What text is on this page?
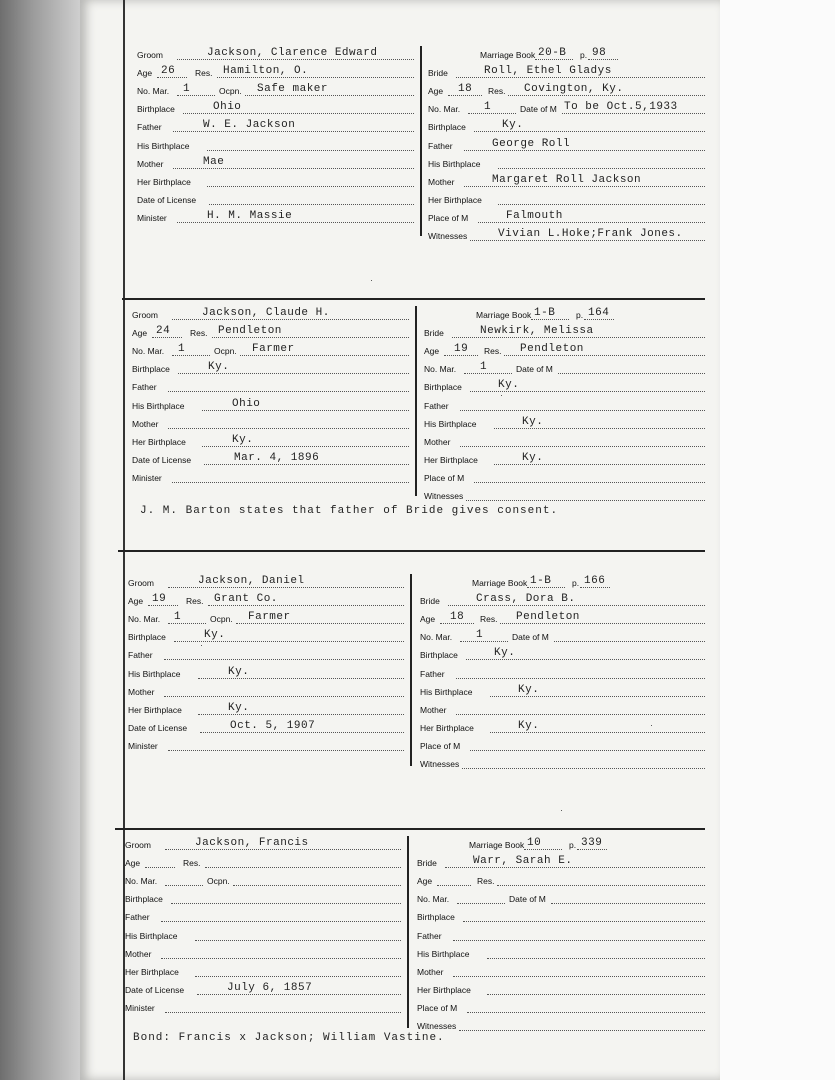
Groom	Jackson, Clarence Edward
Age 26 Res. Hamilton, O.
No. Mar. 1	Ocpn. Safe maker
Birthplace	Ohio
Father	W. E. Jackson
His Birthplace
Mother	Mae
Her Birthplace
Date of License
Minister	H. M. Massie
Marriage Book 20-B p. 98
Bride	Roll, Ethel Gladys
Age 18 Res. Covington, Ky.
No. Mar. 1	Date of M To be Oct.5,1933
Birthplace	Ky.
Father	George Roll
His Birthplace
Mother	Margaret Roll Jackson
Her Birthplace
Place of M	Falmouth
Witnesses	Vivian L.Hoke;Frank Jones.
Groom	Jackson, Claude H.
Age 24 Res. Pendleton
No. Mar. 1	Ocpn. Farmer
Birthplace	Ky.
Father
His Birthplace	Ohio
Mother
Her Birthplace	Ky.
Date of License	Mar. 4, 1896
Minister
Marriage Book 1-B p. 164
Bride	Newkirk, Melissa
Age 19 Res. Pendleton
No. Mar. 1	Date of M
Birthplace	Ky.
Father
His Birthplace	Ky.
Mother
Her Birthplace	Ky.
Place of M
Witnesses
J. M. Barton states that father of Bride gives consent.
Groom	Jackson, Daniel
Age 19 Res. Grant Co.
No. Mar. 1	Ocpn. Farmer
Birthplace	Ky.
Father
His Birthplace	Ky.
Mother
Her Birthplace	Ky.
Date of License	Oct. 5, 1907
Minister
Marriage Book 1-B p. 166
Bride	Crass, Dora B.
Age 18 Res. Pendleton
No. Mar. 1	Date of M
Birthplace	Ky.
Father
His Birthplace	Ky.
Mother
Her Birthplace	Ky.
Place of M
Witnesses
Groom	Jackson, Francis
Age	Res.
No. Mar.	Ocpn.
Birthplace
Father
His Birthplace
Mother
Her Birthplace
Date of License	July 6, 1857
Minister
Marriage Book 10	p. 339
Bride	Warr, Sarah E.
Age	Res.
No. Mar.	Date of M
Birthplace
Father
His Birthplace
Mother
Her Birthplace
Place of M
Witnesses
Bond: Francis x Jackson; William Vastine.
·
·
·
·
·
